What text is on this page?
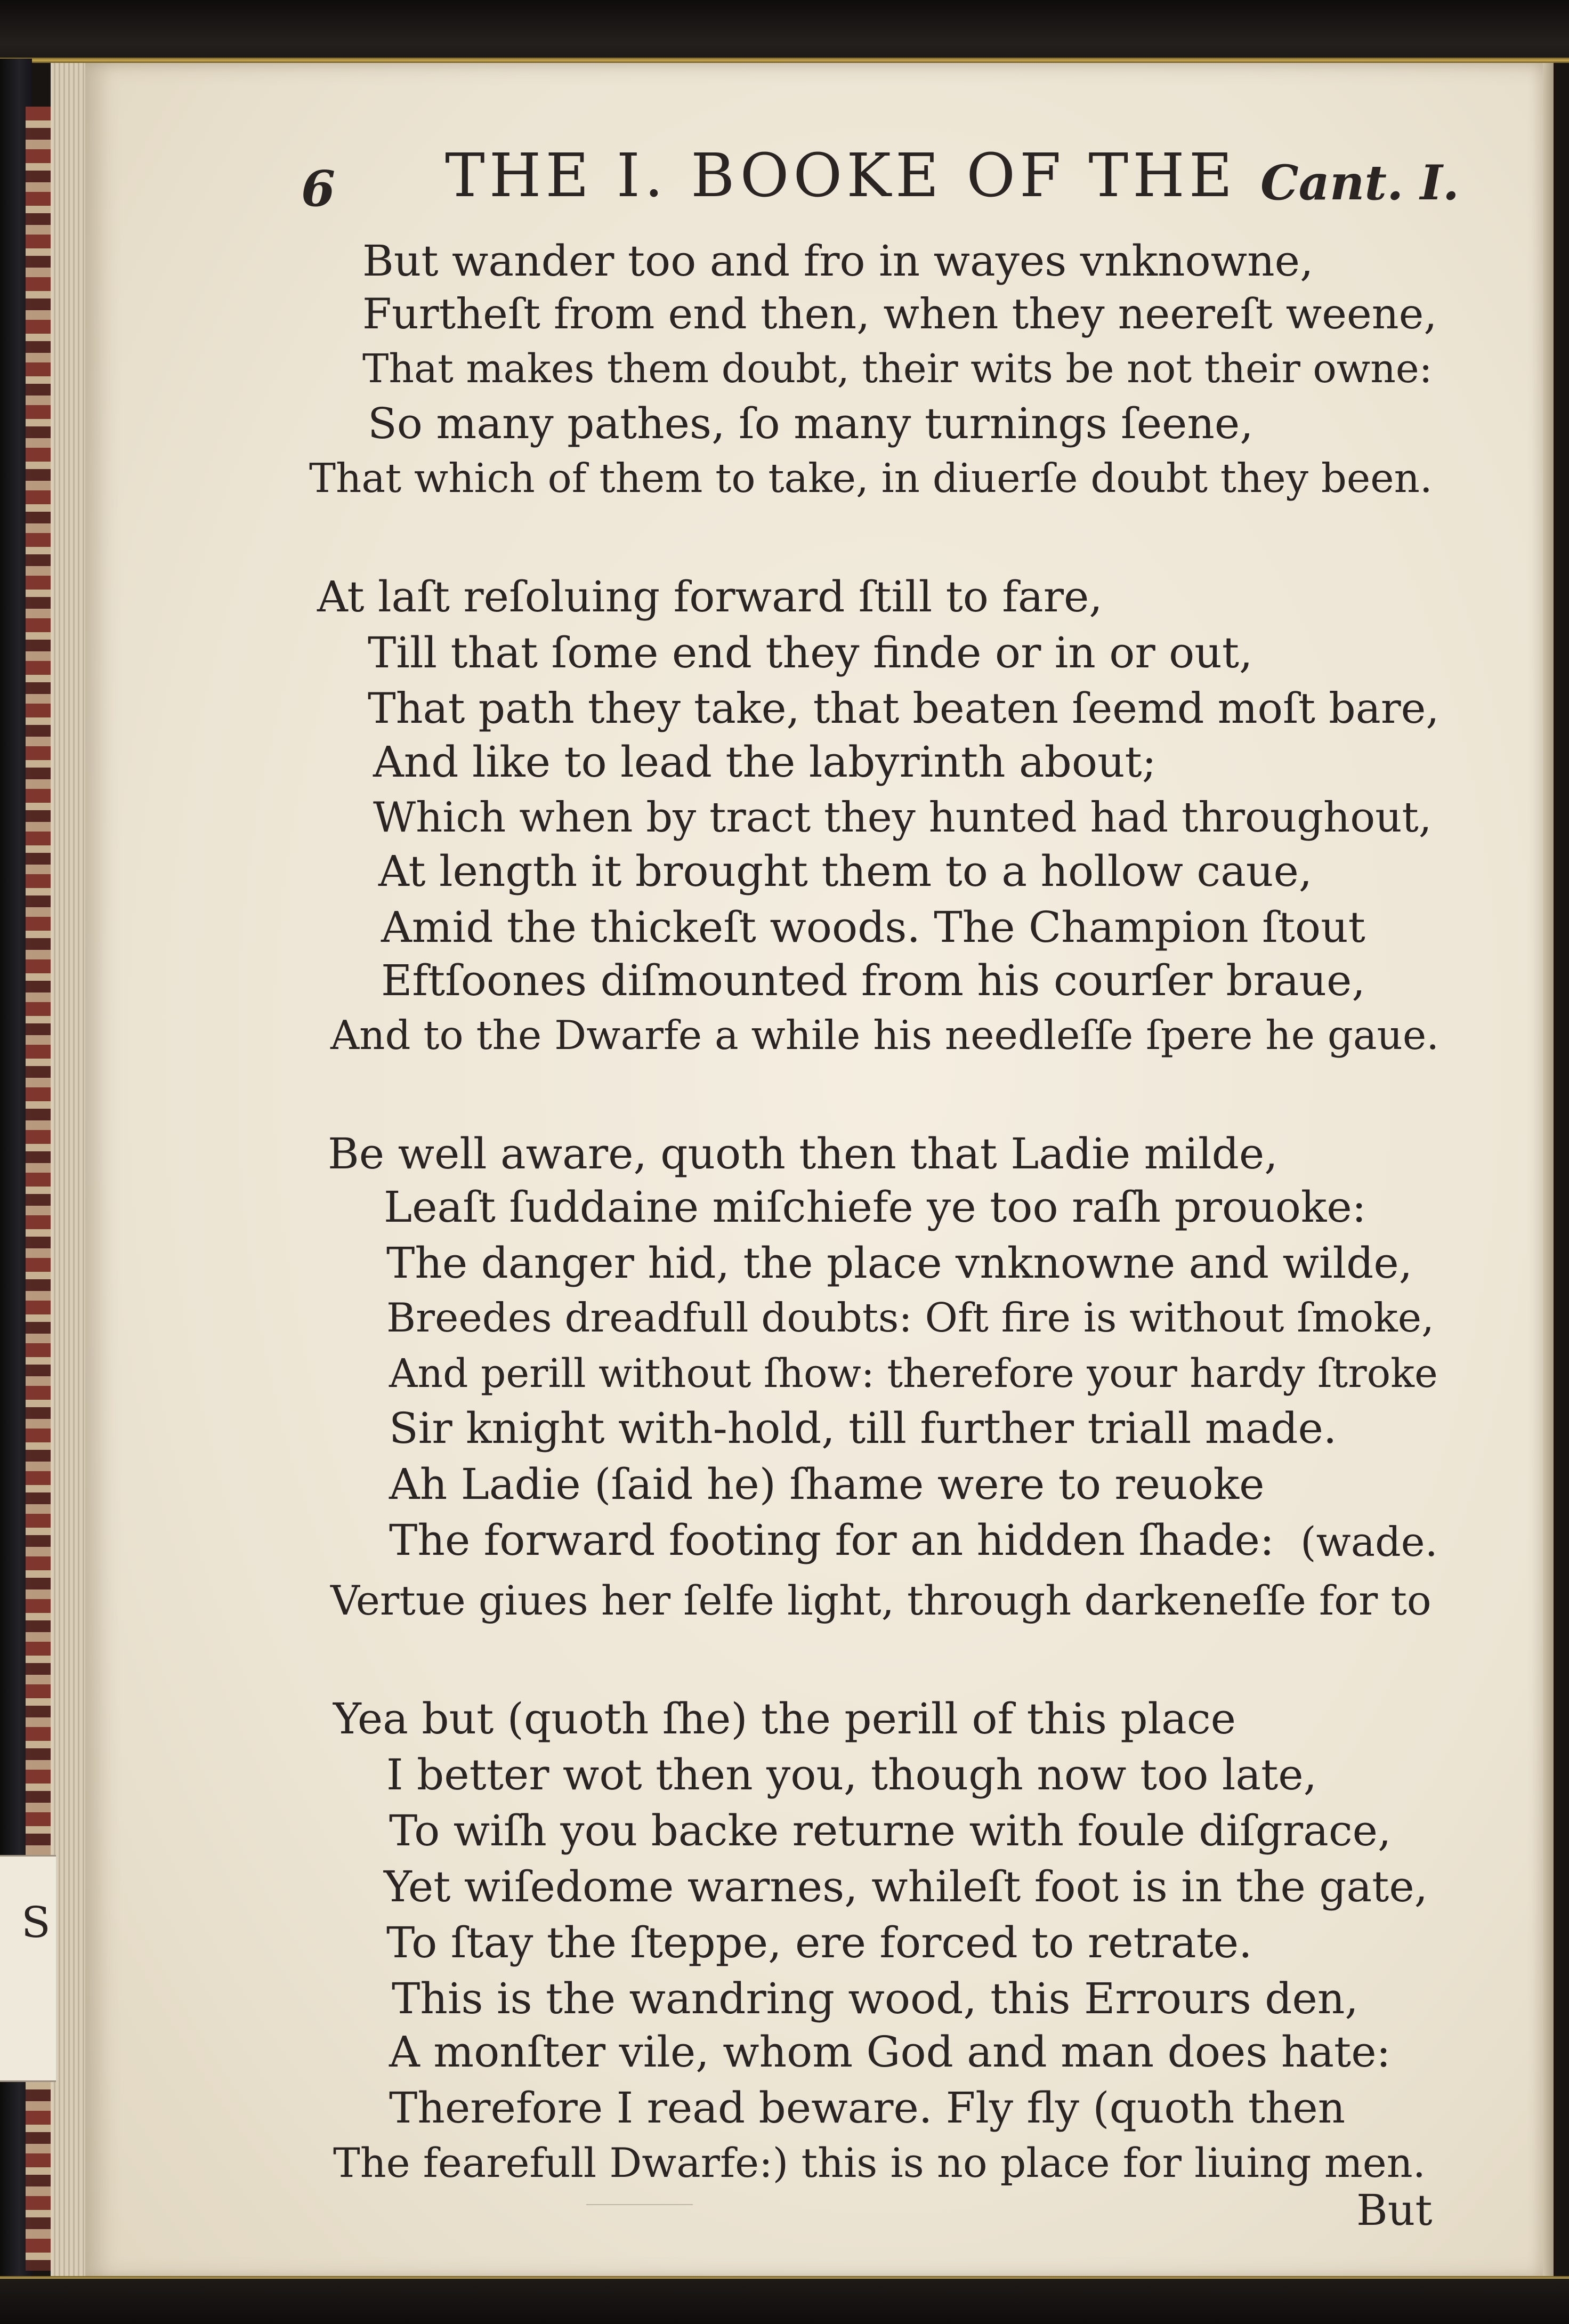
S
6 THE I. BOOKE OF THE Cant. I.
But wander too and fro in wayes vnknowne,
Furtheſt from end then, when they neereſt weene,
That makes them doubt, their wits be not their owne:
So many pathes, ſo many turnings ſeene,
That which of them to take, in diuerſe doubt they been.
At laſt reſoluing forward ſtill to fare,
Till that ſome end they finde or in or out,
That path they take, that beaten ſeemd moſt bare,
And like to lead the labyrinth about;
Which when by tract they hunted had throughout,
At length it brought them to a hollow caue,
Amid the thickeſt woods. The Champion ſtout
Eftſoones diſmounted from his courſer braue,
And to the Dwarfe a while his needleſſe ſpere he gaue.
Be well aware, quoth then that Ladie milde,
Leaſt ſuddaine miſchiefe ye too raſh prouoke:
The danger hid, the place vnknowne and wilde,
Breedes dreadfull doubts: Oft fire is without ſmoke,
And perill without ſhow: therefore your hardy ſtroke
Sir knight with-hold, till further triall made.
Ah Ladie (ſaid he) ſhame were to reuoke
The forward footing for an hidden ſhade: (wade.
Vertue giues her ſelfe light, through darkeneſſe for to
Yea but (quoth ſhe) the perill of this place
I better wot then you, though now too late,
To wiſh you backe returne with foule diſgrace,
Yet wiſedome warnes, whileſt foot is in the gate,
To ſtay the ſteppe, ere forced to retrate.
This is the wandring wood, this Errours den,
A monſter vile, whom God and man does hate:
Therefore I read beware. Fly fly (quoth then
The fearefull Dwarfe:) this is no place for liuing men.
But
